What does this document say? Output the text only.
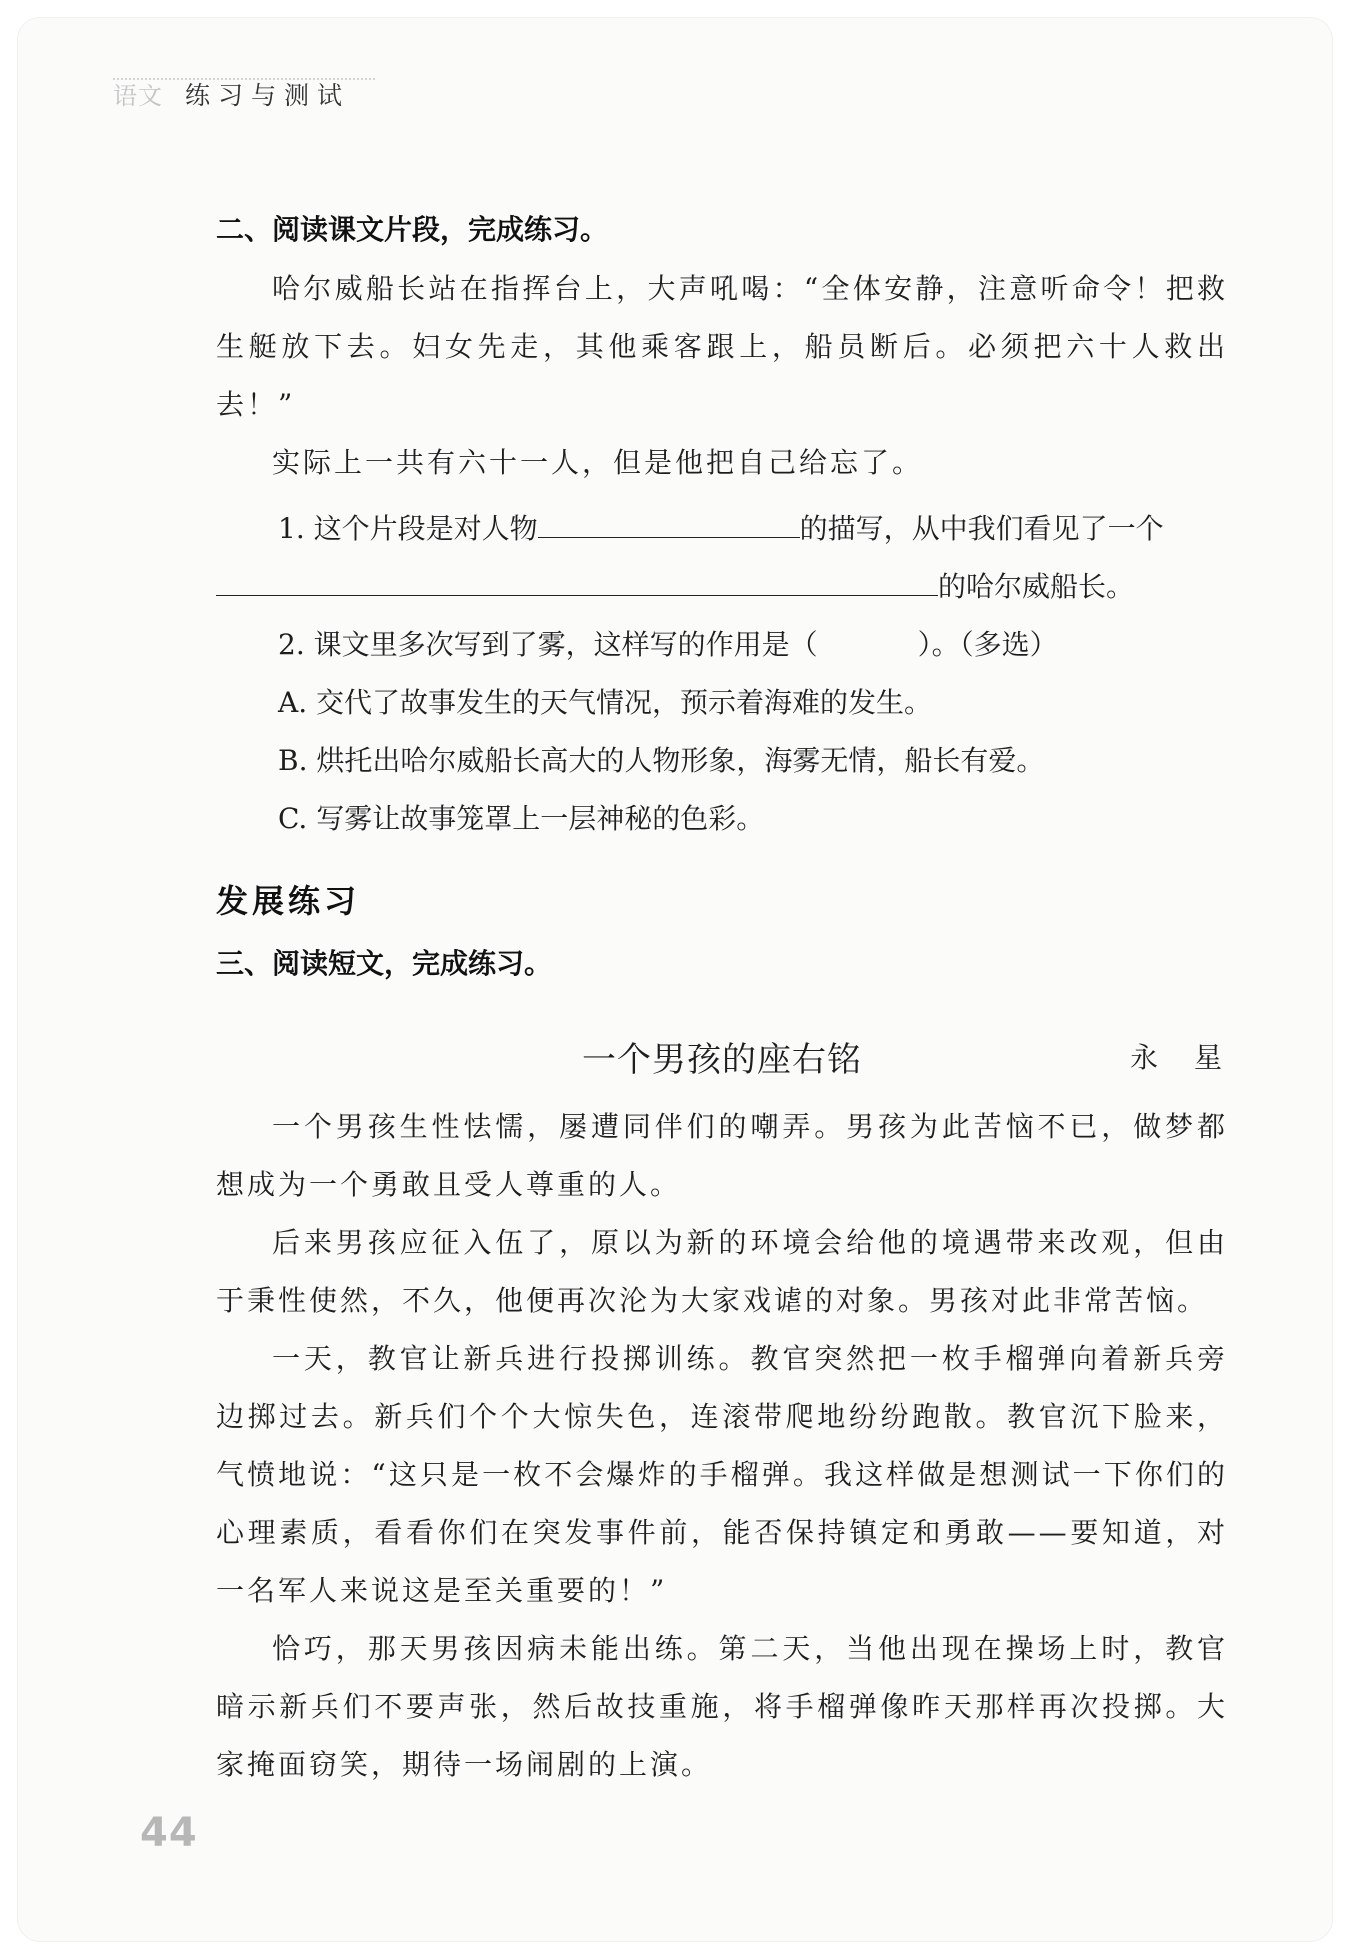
语文 练习与测试

二、阅读课文片段，完成练习。

哈尔威船长站在指挥台上，大声吼喝：“全体安静，注意听命令！把救生艇放下去。妇女先走，其他乘客跟上，船员断后。必须把六十人救出去！”

实际上一共有六十一人，但是他把自己给忘了。

1. 这个片段是对人物	的描写，从中我们看见了一个

的哈尔威船长。

2. 课文里多次写到了雾，这样写的作用是（	）。（多选）

A. 交代了故事发生的天气情况，预示着海难的发生。

B. 烘托出哈尔威船长高大的人物形象，海雾无情，船长有爱。

C. 写雾让故事笼罩上一层神秘的色彩。

发展练习

三、阅读短文，完成练习。

一个男孩的座右铭	永星

一个男孩生性怯懦，屡遭同伴们的嘲弄。男孩为此苦恼不已，做梦都想成为一个勇敢且受人尊重的人。

后来男孩应征入伍了，原以为新的环境会给他的境遇带来改观，但由于秉性使然，不久，他便再次沦为大家戏谑的对象。男孩对此非常苦恼。

一天，教官让新兵进行投掷训练。教官突然把一枚手榴弹向着新兵旁边掷过去。新兵们个个大惊失色，连滚带爬地纷纷跑散。教官沉下脸来，气愤地说：“这只是一枚不会爆炸的手榴弹。我这样做是想测试一下你们的心理素质，看看你们在突发事件前，能否保持镇定和勇敢——要知道，对一名军人来说这是至关重要的！”

恰巧，那天男孩因病未能出练。第二天，当他出现在操场上时，教官暗示新兵们不要声张，然后故技重施，将手榴弹像昨天那样再次投掷。大家掩面窃笑，期待一场闹剧的上演。

44
